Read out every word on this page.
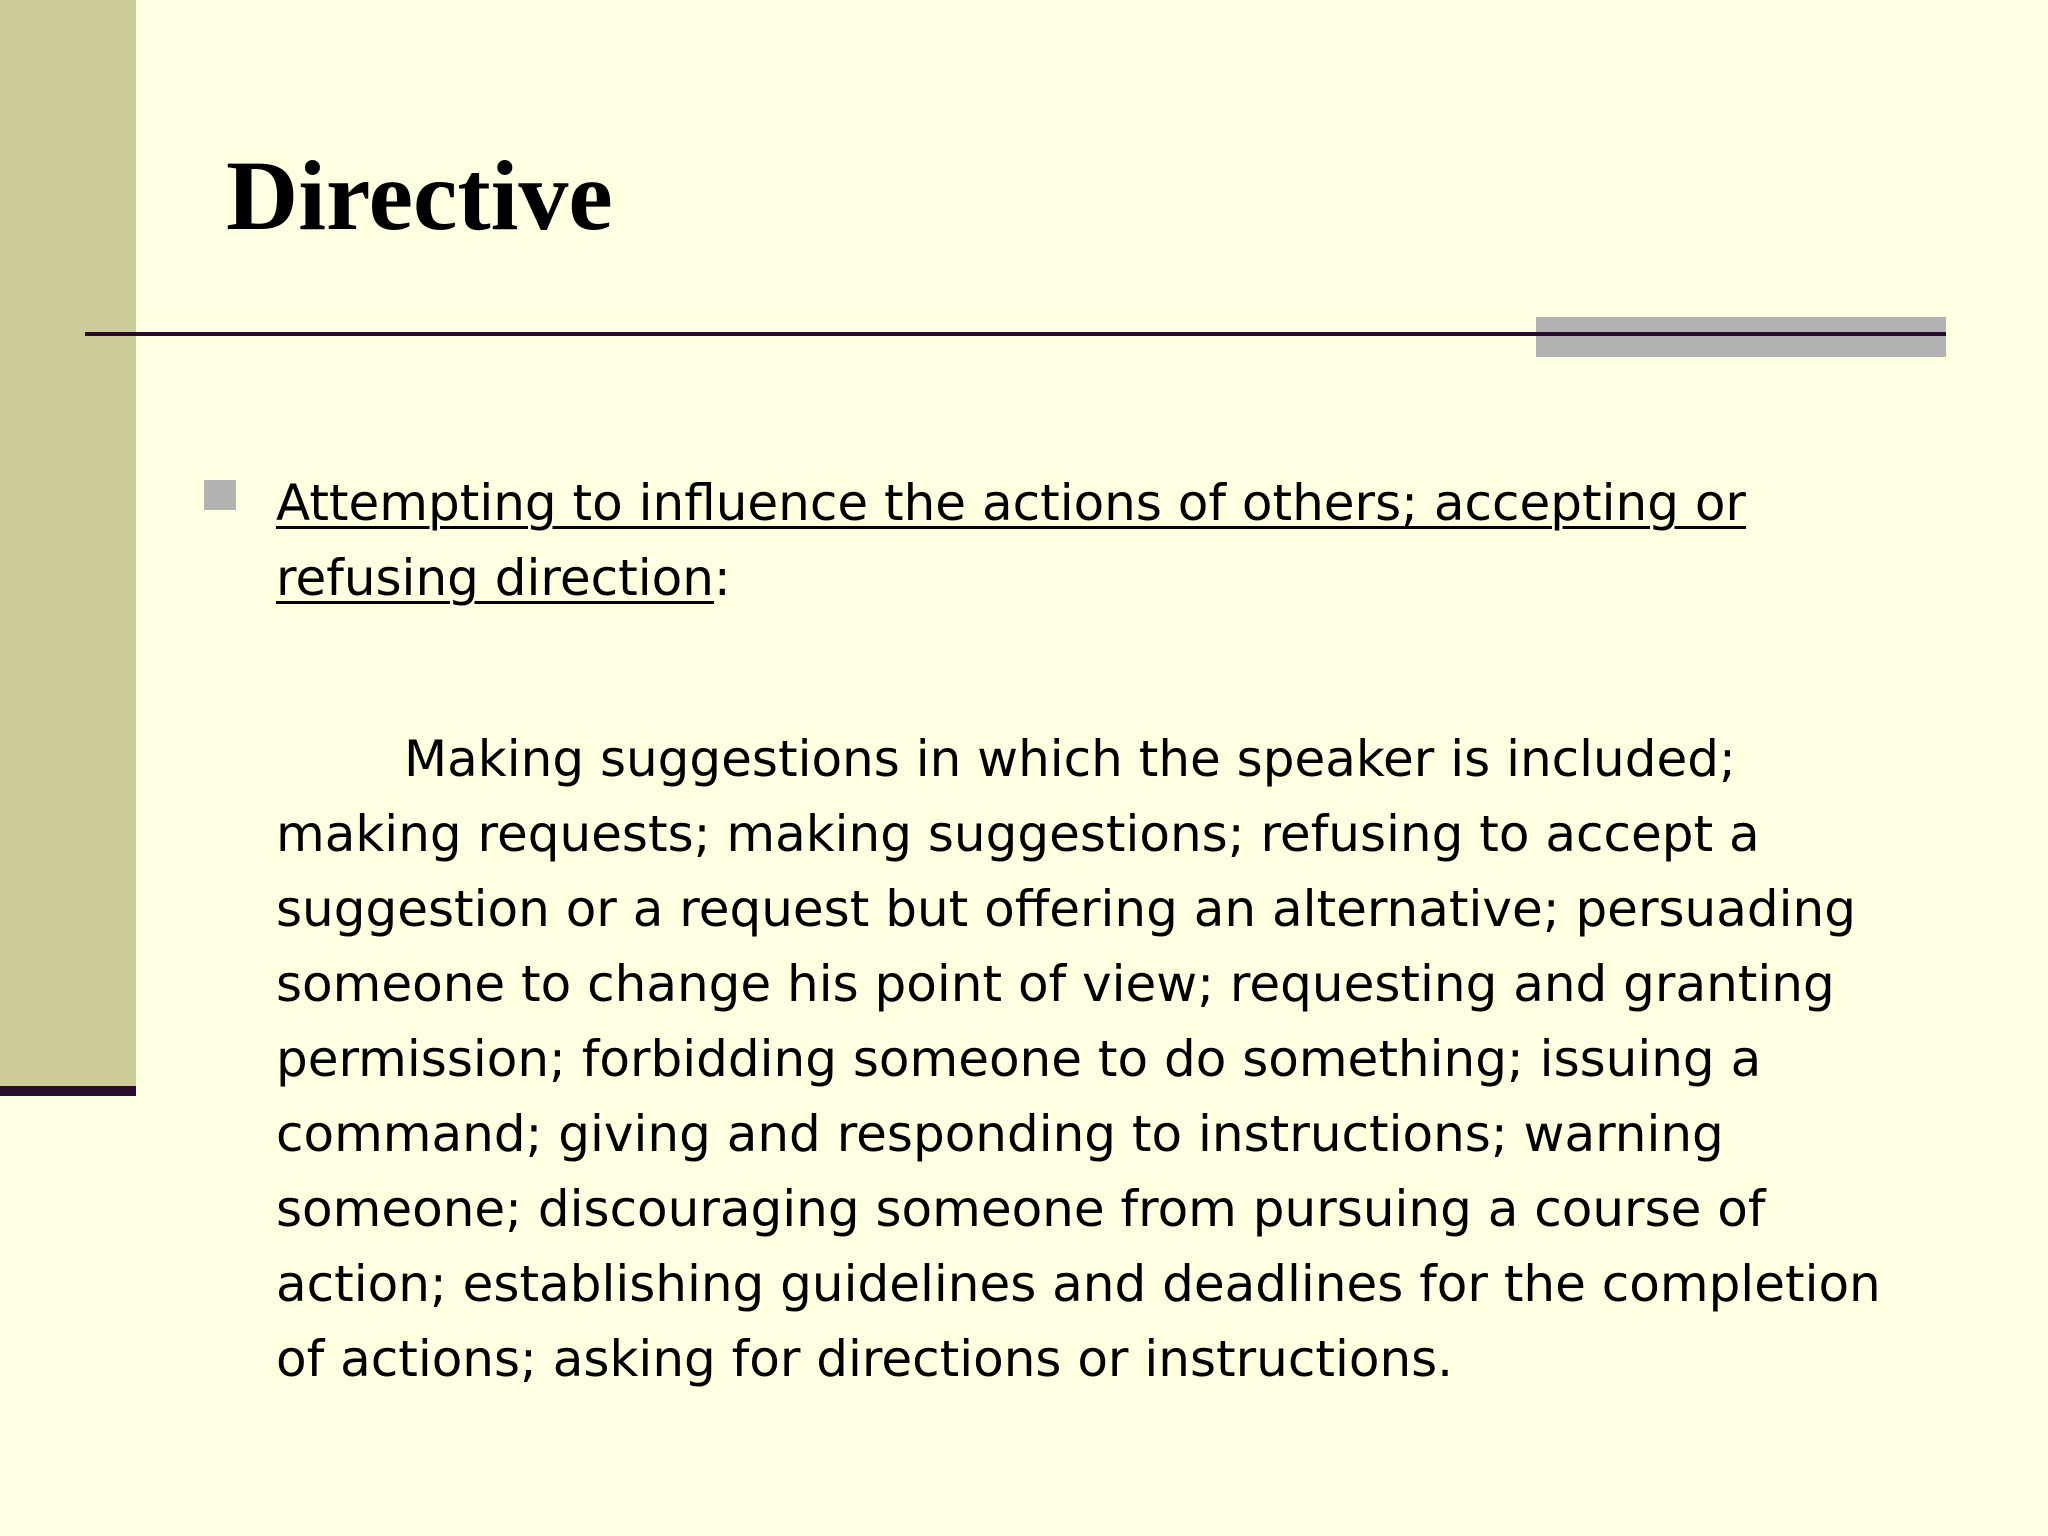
Directive
Attempting to influence the actions of others; accepting or refusing direction:
Making suggestions in which the speaker is included; making requests; making suggestions; refusing to accept a suggestion or a request but offering an alternative; persuading someone to change his point of view; requesting and granting permission; forbidding someone to do something; issuing a command; giving and responding to instructions; warning someone; discouraging someone from pursuing a course of action; establishing guidelines and deadlines for the completion of actions; asking for directions or instructions.
